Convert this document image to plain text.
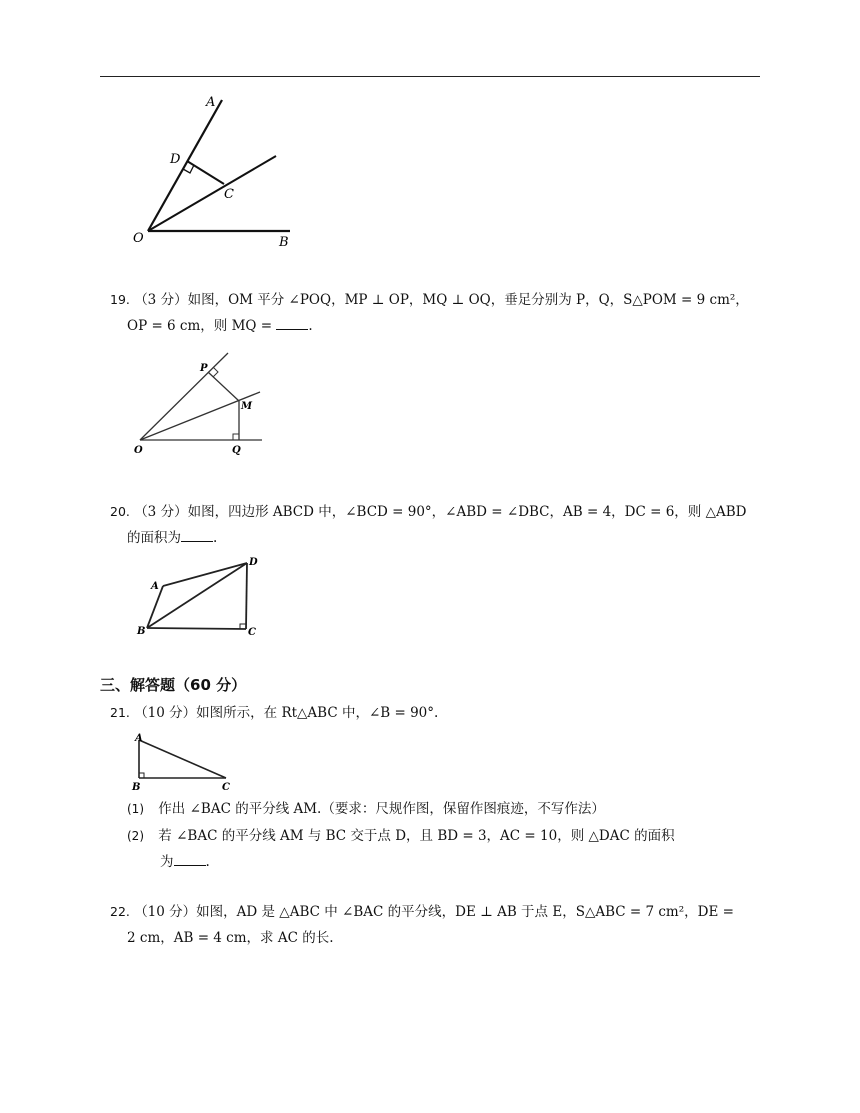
A
D
C
O	B
19. （3 分）如图，OM 平分 ∠POQ，MP ⊥ OP，MQ ⊥ OQ，垂足分别为 P，Q，S△POM = 9 cm²，
OP = 6 cm，则 MQ = .
P
M
O	Q
20. （3 分）如图，四边形 ABCD 中，∠BCD = 90°，∠ABD = ∠DBC，AB = 4，DC = 6，则 △ABD
的面积为 .
A
B	C
D
三、解答题（60 分）
21. （10 分）如图所示，在 Rt△ABC 中，∠B = 90°.
A
B	C
(1) 作出 ∠BAC 的平分线 AM.（要求：尺规作图，保留作图痕迹，不写作法）
(2) 若 ∠BAC 的平分线 AM 与 BC 交于点 D，且 BD = 3，AC = 10，则 △DAC 的面积
为 .
22. （10 分）如图，AD 是 △ABC 中 ∠BAC 的平分线，DE ⊥ AB 于点 E，S△ABC = 7 cm²，DE =
2 cm，AB = 4 cm，求 AC 的长.
